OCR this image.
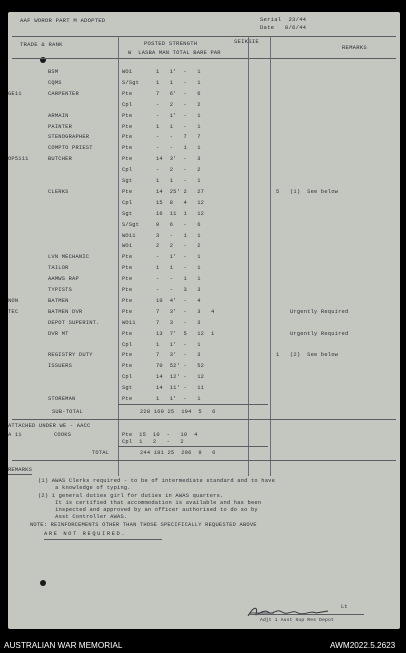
AAF WOROR PART M ADOPTED	Serial  23/44
Date   8/6/44
TRADE & RANK	POSTED STRENGTH	SEIKSIE
W  LASBA MAN TOTAL BARE PAR
REMARKS
BSM	WO1	1   1'  -   1
CQMS	S/Sgt	1   1   -   1
GE11	CARPENTER	Pte	7   6'  -   6
Cpl	-   2   -   2
ARMAIN	Pte	-   1'  -   1
PAINTER	Pte	1   1   -   1
STENOGRAPHER	Pte	-   -   7   7
COMPTO PRIEST	Pte	-   -   1   1
OP5111	BUTCHER	Pte	14  3'  -   3
Cpl	-   2   -   2
Sgt	1   1   -   1
CLERKS	Pte	14  25' 2   27	5 (1)  See below
Cpl	15  8   4   12
Sgt	16  11  1   12
S/Sgt	9   6   -   6
WO11	3   -   1   1
WO1	2   2   -   2
LVN MECHANIC	Pte	-   1'  -   1
TAILOR	Pte	1   1   -   1
AAMWS RAP	Pte	-   -   1   1
TYPISTS	Pte	-   -   3   3
NON	BATMEN	Pte	10  4'  -   4
TEC	BATMEN DVR	Pte	7   3'  -   3   4	Urgently Required
DEPOT SUPERINT.	WO11	7   3   -   3
DVR MT	Pte	13  7'  5   12  1	Urgently Required
Cpl	1   1'  -   1
REGISTRY DUTY	Pte	7   3'  -   3	1 (2)  See below
ISSUERS	Pte	70  52' -   52
Cpl	14  12' -   12
Sgt	14  11' -   11
STOREMAN	Pte	1   1'  -   1
SUB-TOTAL	228 169 25  194  5   6
ATTACHED UNDER WE - AACC
A 11	COOKS	Pte  15  10  -   10  4
Cpl  1   2   -   2
TOTAL	244 181 25  206  9   6
REMARKS
(1) AWAS Clerks required - to be of intermediate standard and to have
a knowledge of typing.
(2) 1 general duties girl for duties in AWAS quarters.
It is certified that accommodation is available and has been
inspected and approved by an officer authorised to do so by
Asst Controller AWAS.
NOTE: REINFORCEMENTS OTHER THAN THOSE SPECIFICALLY REQUESTED ABOVE
ARE NOT REQUIRED.
Lt
Adjt 1 Aust Sup Res Depot
AUSTRALIAN WAR MEMORIAL	AWM2022.5.2623
